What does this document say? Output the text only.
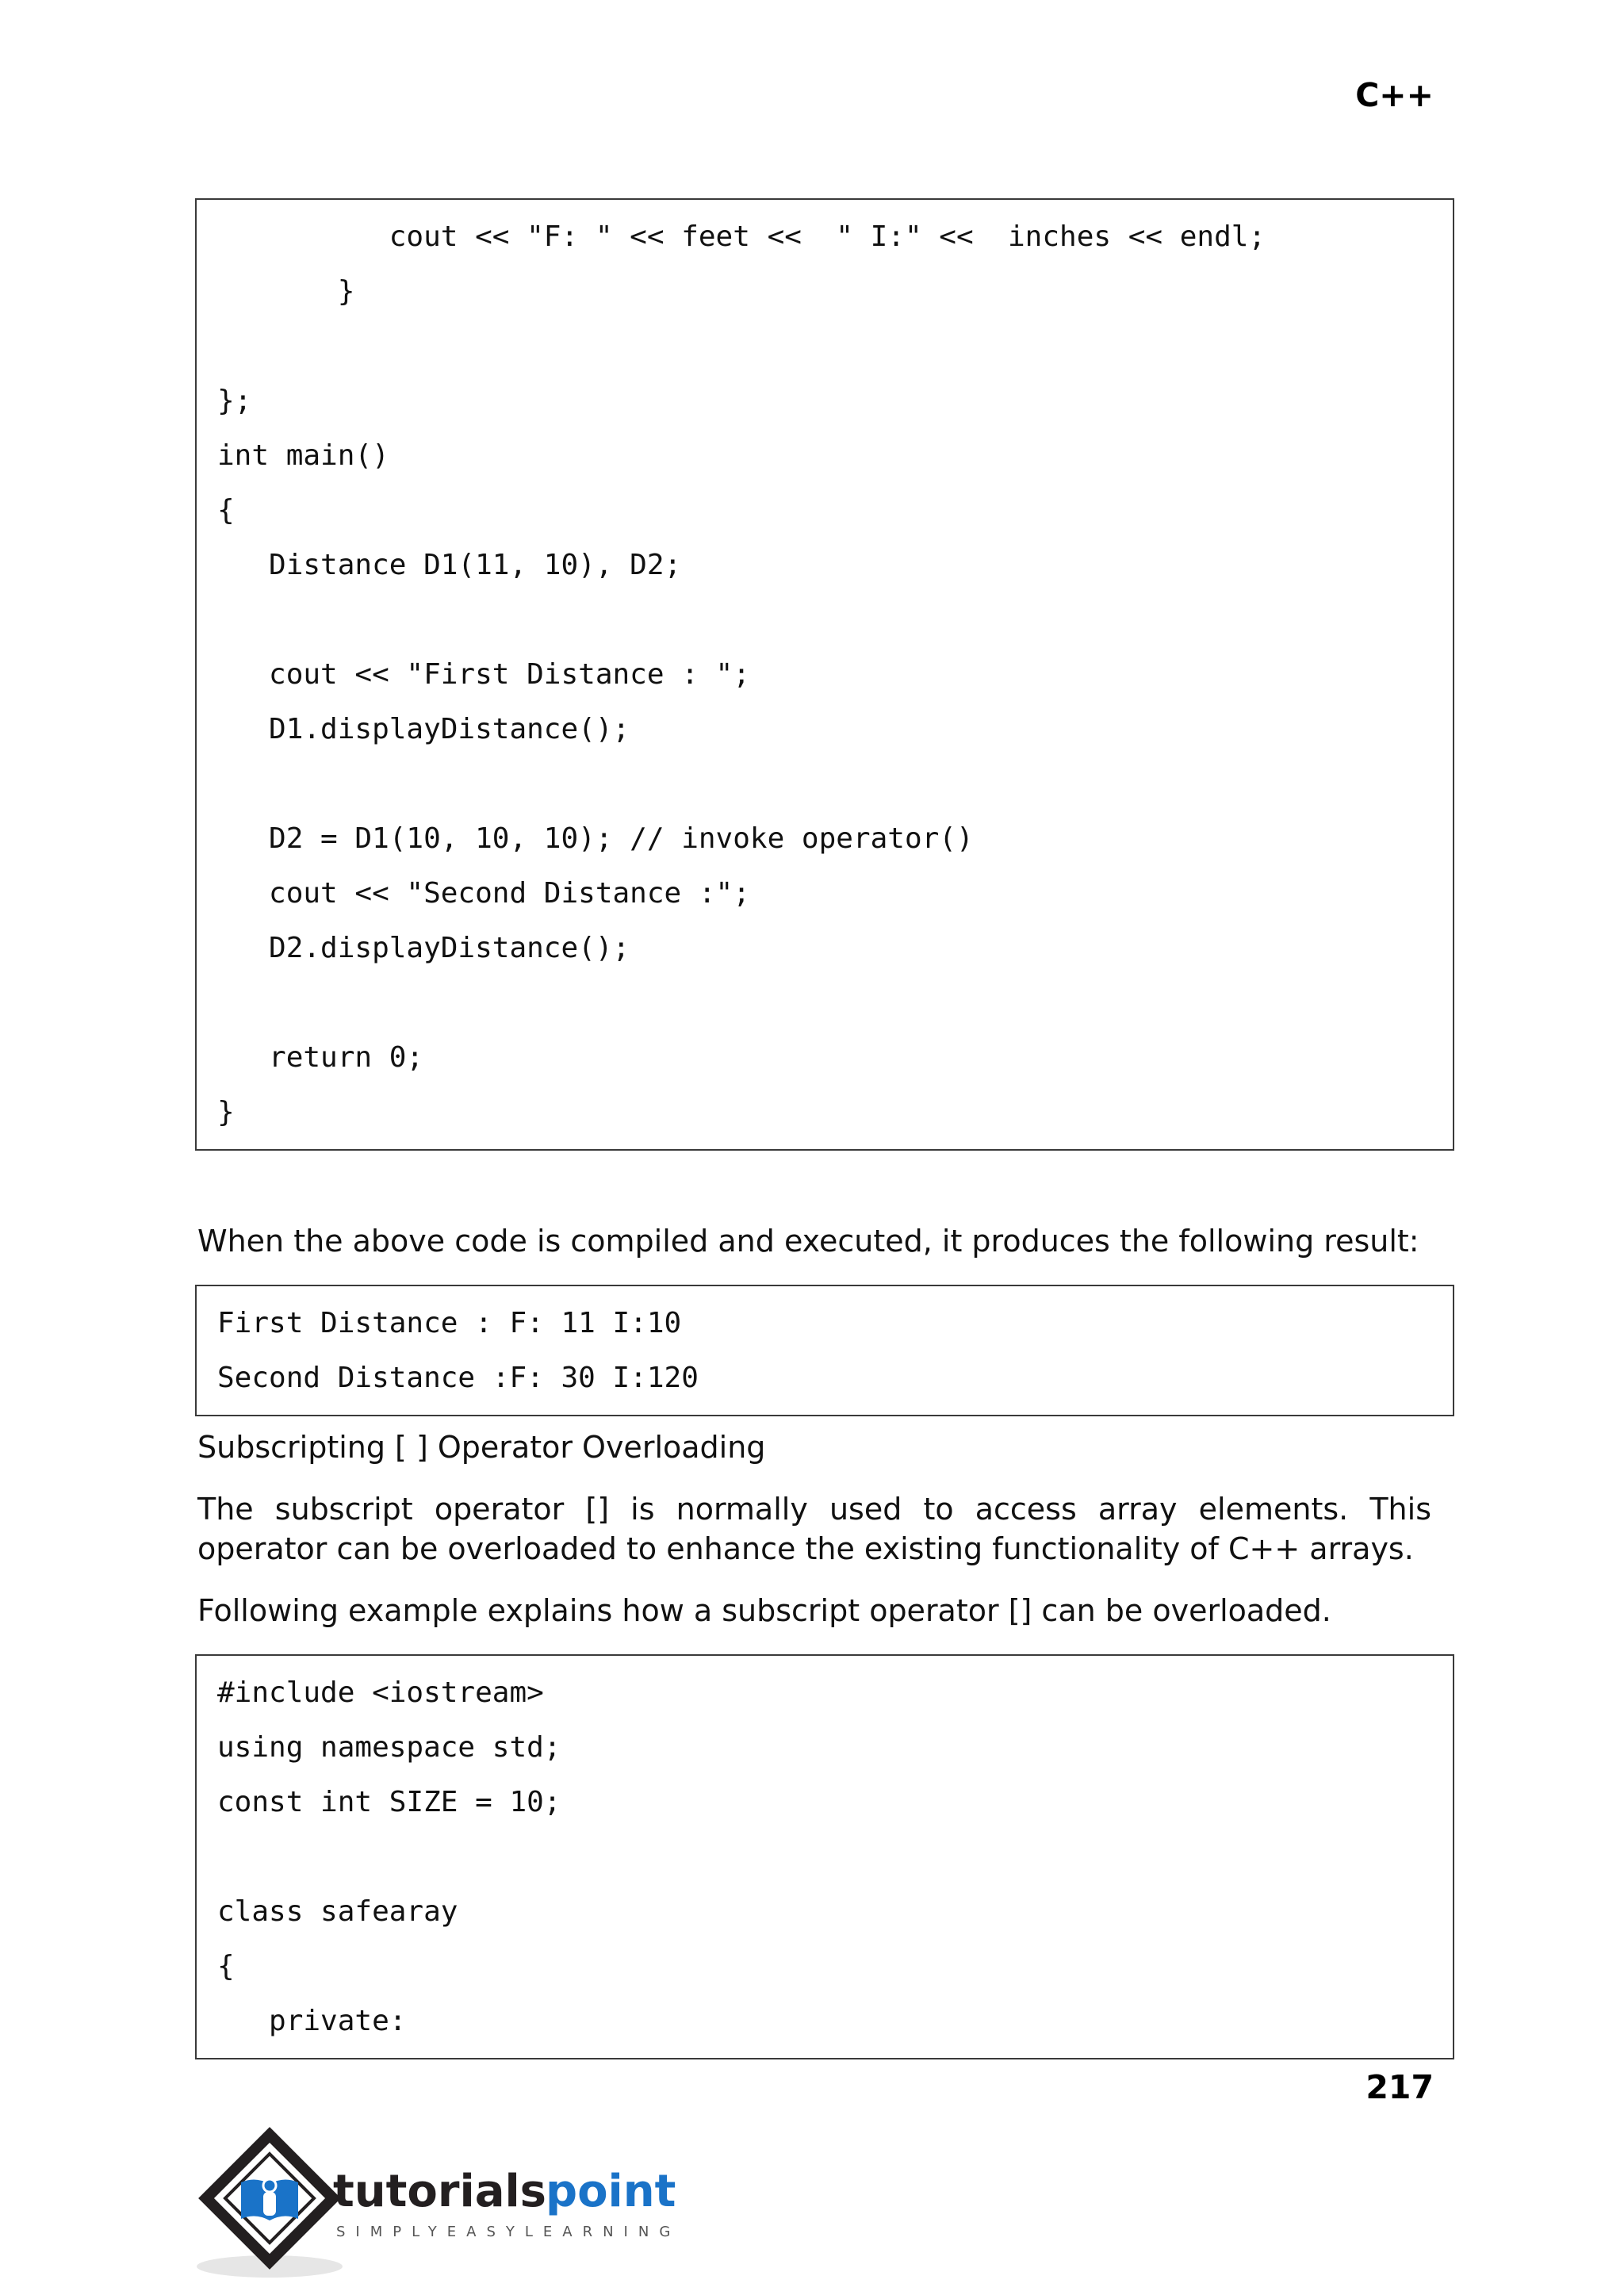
C++
cout << "F: " << feet <<  " I:" <<  inches << endl;
}
};
int main()
{
Distance D1(11, 10), D2;
cout << "First Distance : ";
D1.displayDistance();
D2 = D1(10, 10, 10); // invoke operator()
cout << "Second Distance :";
D2.displayDistance();
return 0;
}

When the above code is compiled and executed, it produces the following result:

First Distance : F: 11 I:10
Second Distance :F: 30 I:120

Subscripting [ ] Operator Overloading

The subscript operator [] is normally used to access array elements. This operator can be overloaded to enhance the existing functionality of C++ arrays.

Following example explains how a subscript operator [] can be overloaded.

#include <iostream>
using namespace std;
const int SIZE = 10;
class safearay
{
private:
217
tutorials
point
SIMPLYEASYLEARNING
